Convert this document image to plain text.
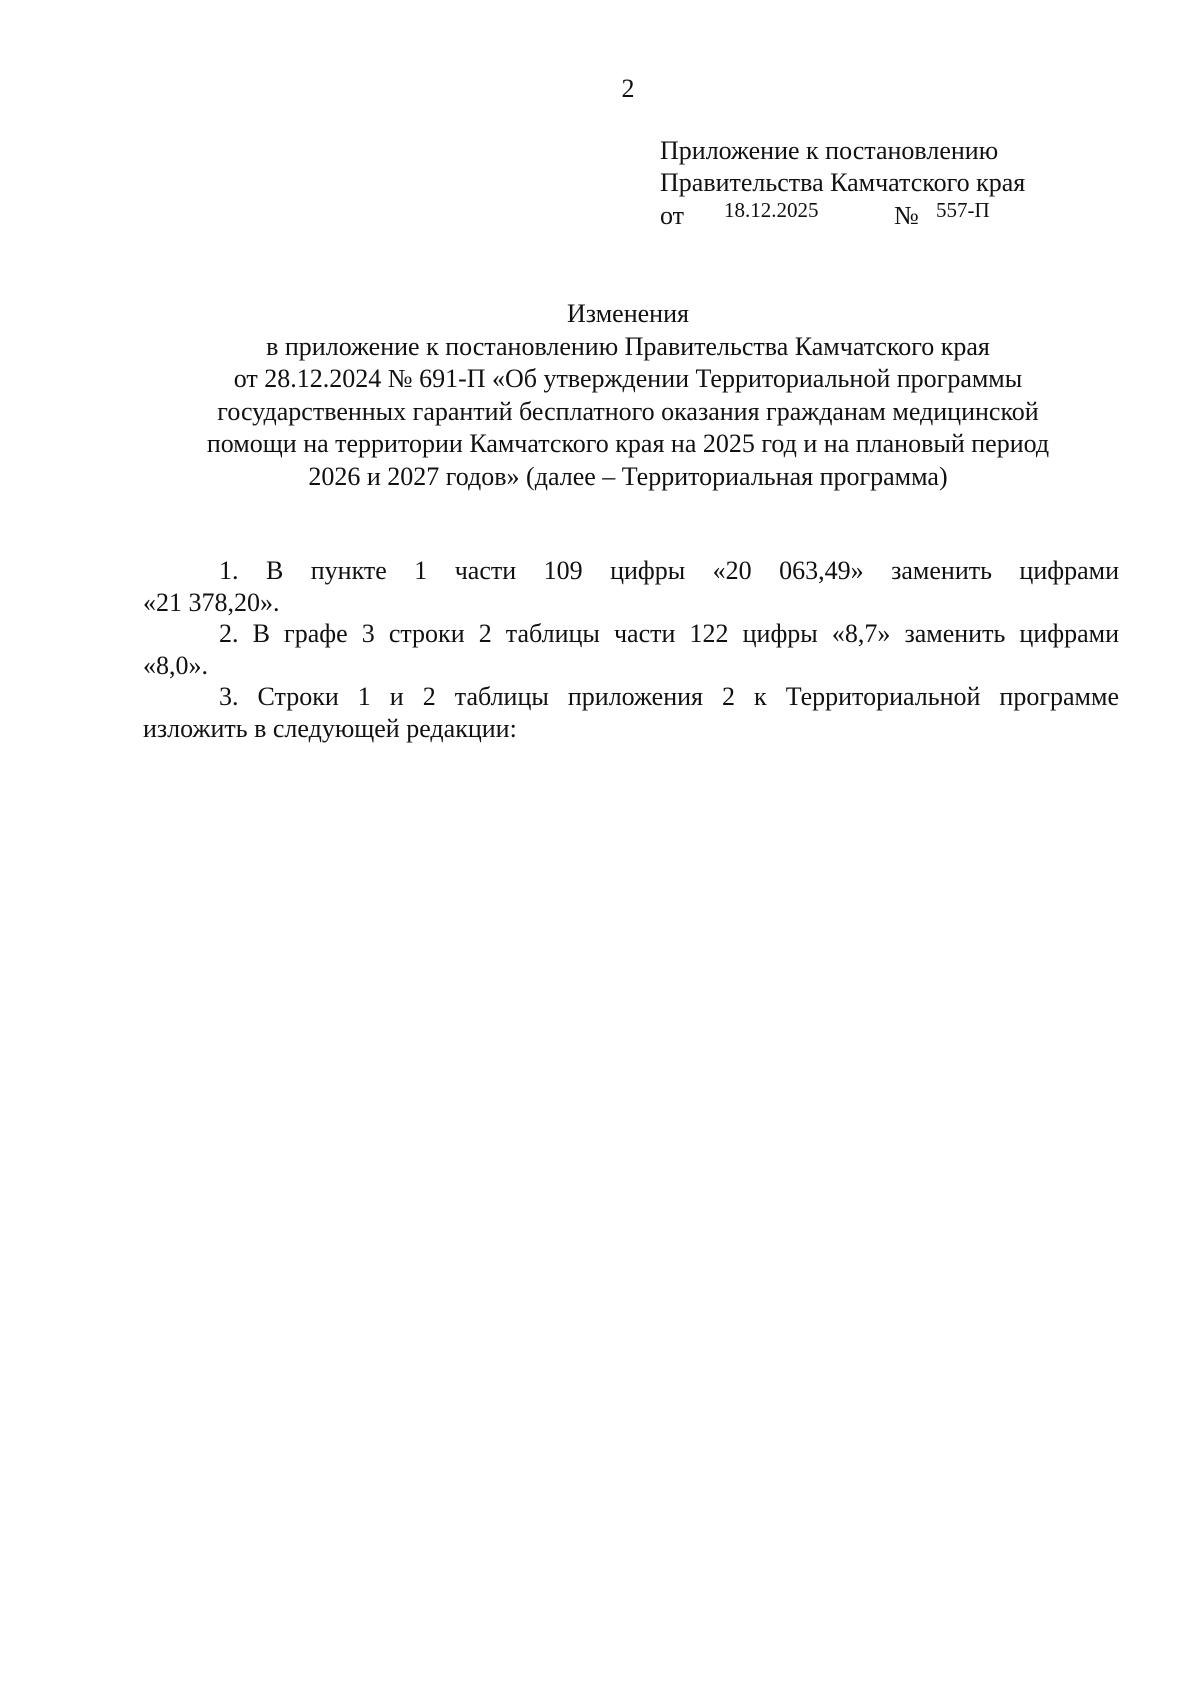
2
Приложение к постановлению
Правительства Камчатского края
от 18.12.2025	№ 557-П
Изменения
в приложение к постановлению Правительства Камчатского края
от 28.12.2024 № 691-П «Об утверждении Территориальной программы
государственных гарантий бесплатного оказания гражданам медицинской
помощи на территории Камчатского края на 2025 год и на плановый период
2026 и 2027 годов» (далее – Территориальная программа)

1. В пункте 1 части 109 цифры «20 063,49» заменить цифрами
«21 378,20».

2. В графе 3 строки 2 таблицы части 122 цифры «8,7» заменить цифрами
«8,0».

3. Строки 1 и 2 таблицы приложения 2 к Территориальной программе
изложить в следующей редакции:
